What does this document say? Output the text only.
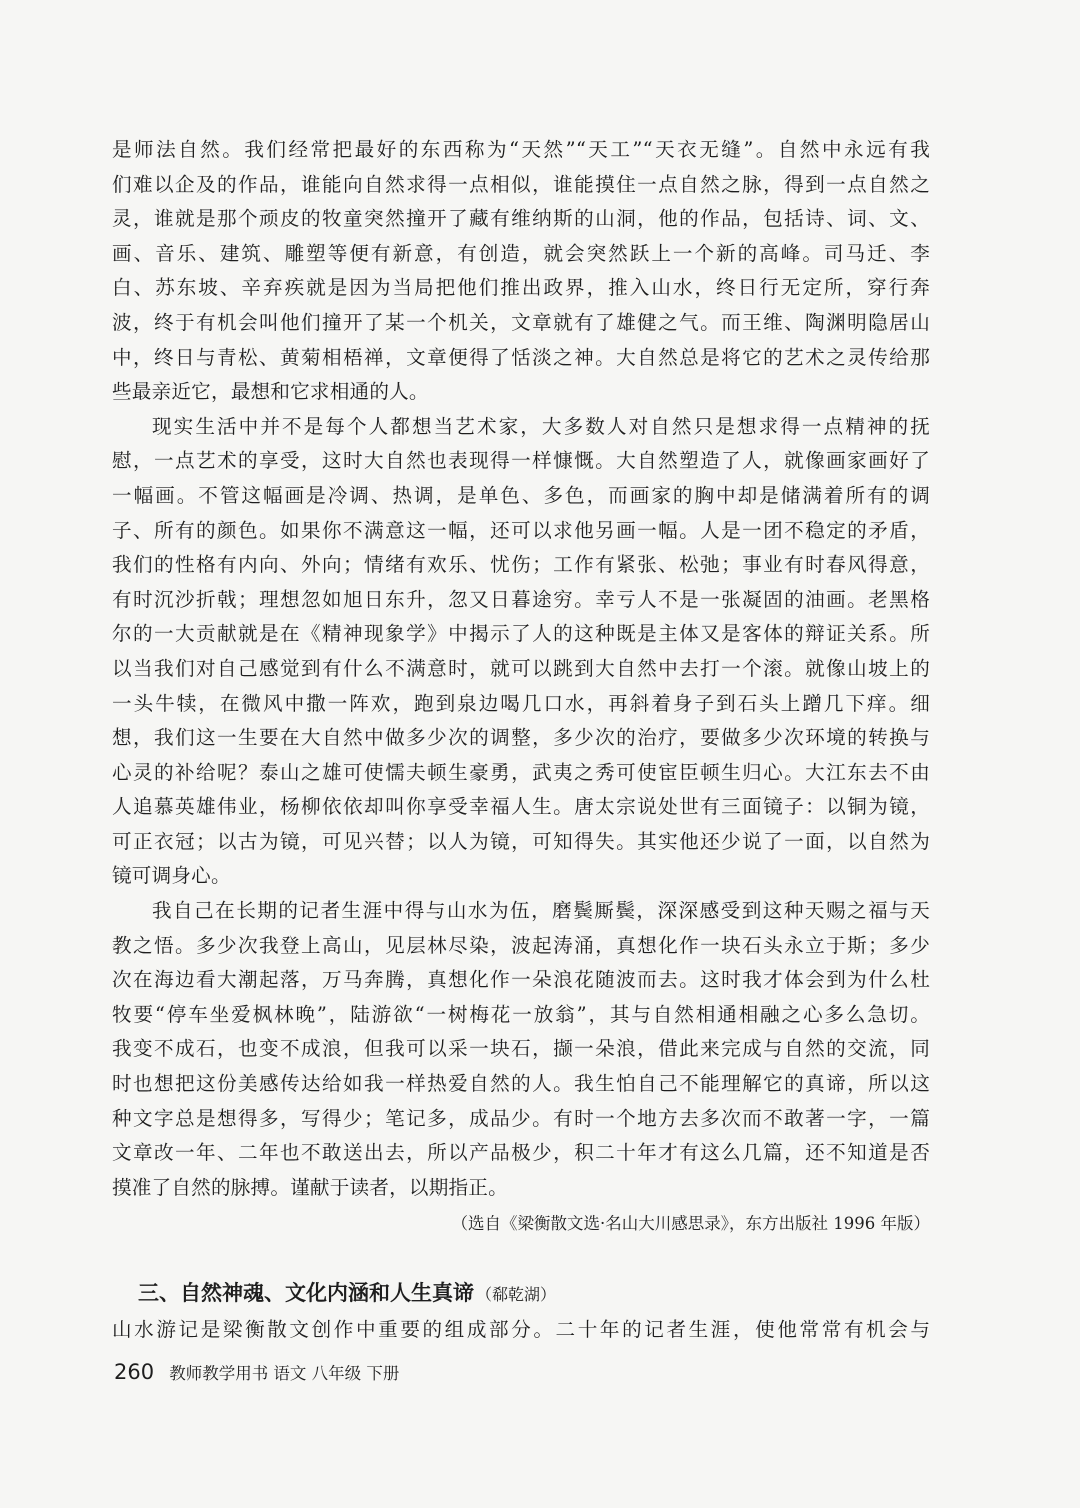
是师法自然。我们经常把最好的东西称为“天然”“天工”“天衣无缝”。自然中永远有我
们难以企及的作品，谁能向自然求得一点相似，谁能摸住一点自然之脉，得到一点自然之
灵，谁就是那个顽皮的牧童突然撞开了藏有维纳斯的山洞，他的作品，包括诗、词、文、
画、音乐、建筑、雕塑等便有新意，有创造，就会突然跃上一个新的高峰。司马迁、李
白、苏东坡、辛弃疾就是因为当局把他们推出政界，推入山水，终日行无定所，穿行奔
波，终于有机会叫他们撞开了某一个机关，文章就有了雄健之气。而王维、陶渊明隐居山
中，终日与青松、黄菊相梧禅，文章便得了恬淡之神。大自然总是将它的艺术之灵传给那
些最亲近它，最想和它求相通的人。
现实生活中并不是每个人都想当艺术家，大多数人对自然只是想求得一点精神的抚
慰，一点艺术的享受，这时大自然也表现得一样慷慨。大自然塑造了人，就像画家画好了
一幅画。不管这幅画是冷调、热调，是单色、多色，而画家的胸中却是储满着所有的调
子、所有的颜色。如果你不满意这一幅，还可以求他另画一幅。人是一团不稳定的矛盾，
我们的性格有内向、外向；情绪有欢乐、忧伤；工作有紧张、松弛；事业有时春风得意，
有时沉沙折戟；理想忽如旭日东升，忽又日暮途穷。幸亏人不是一张凝固的油画。老黑格
尔的一大贡献就是在《精神现象学》中揭示了人的这种既是主体又是客体的辩证关系。所
以当我们对自己感觉到有什么不满意时，就可以跳到大自然中去打一个滚。就像山坡上的
一头牛犊，在微风中撒一阵欢，跑到泉边喝几口水，再斜着身子到石头上蹭几下痒。细
想，我们这一生要在大自然中做多少次的调整，多少次的治疗，要做多少次环境的转换与
心灵的补给呢？泰山之雄可使懦夫顿生豪勇，武夷之秀可使宦臣顿生归心。大江东去不由
人追慕英雄伟业，杨柳依依却叫你享受幸福人生。唐太宗说处世有三面镜子：以铜为镜，
可正衣冠；以古为镜，可见兴替；以人为镜，可知得失。其实他还少说了一面，以自然为
镜可调身心。
我自己在长期的记者生涯中得与山水为伍，磨鬓厮鬓，深深感受到这种天赐之福与天
教之悟。多少次我登上高山，见层林尽染，波起涛涌，真想化作一块石头永立于斯；多少
次在海边看大潮起落，万马奔腾，真想化作一朵浪花随波而去。这时我才体会到为什么杜
牧要“停车坐爱枫林晚”，陆游欲“一树梅花一放翁”，其与自然相通相融之心多么急切。
我变不成石，也变不成浪，但我可以采一块石，撷一朵浪，借此来完成与自然的交流，同
时也想把这份美感传达给如我一样热爱自然的人。我生怕自己不能理解它的真谛，所以这
种文字总是想得多，写得少；笔记多，成品少。有时一个地方去多次而不敢著一字，一篇
文章改一年、二年也不敢送出去，所以产品极少，积二十年才有这么几篇，还不知道是否
摸准了自然的脉搏。谨献于读者，以期指正。
（选自《梁衡散文选·名山大川感思录》，东方出版社 1996 年版）
三、自然神魂、文化内涵和人生真谛 （郗乾湖）
山水游记是梁衡散文创作中重要的组成部分。二十年的记者生涯，使他常常有机会与
260 教师教学用书 语文 八年级 下册
